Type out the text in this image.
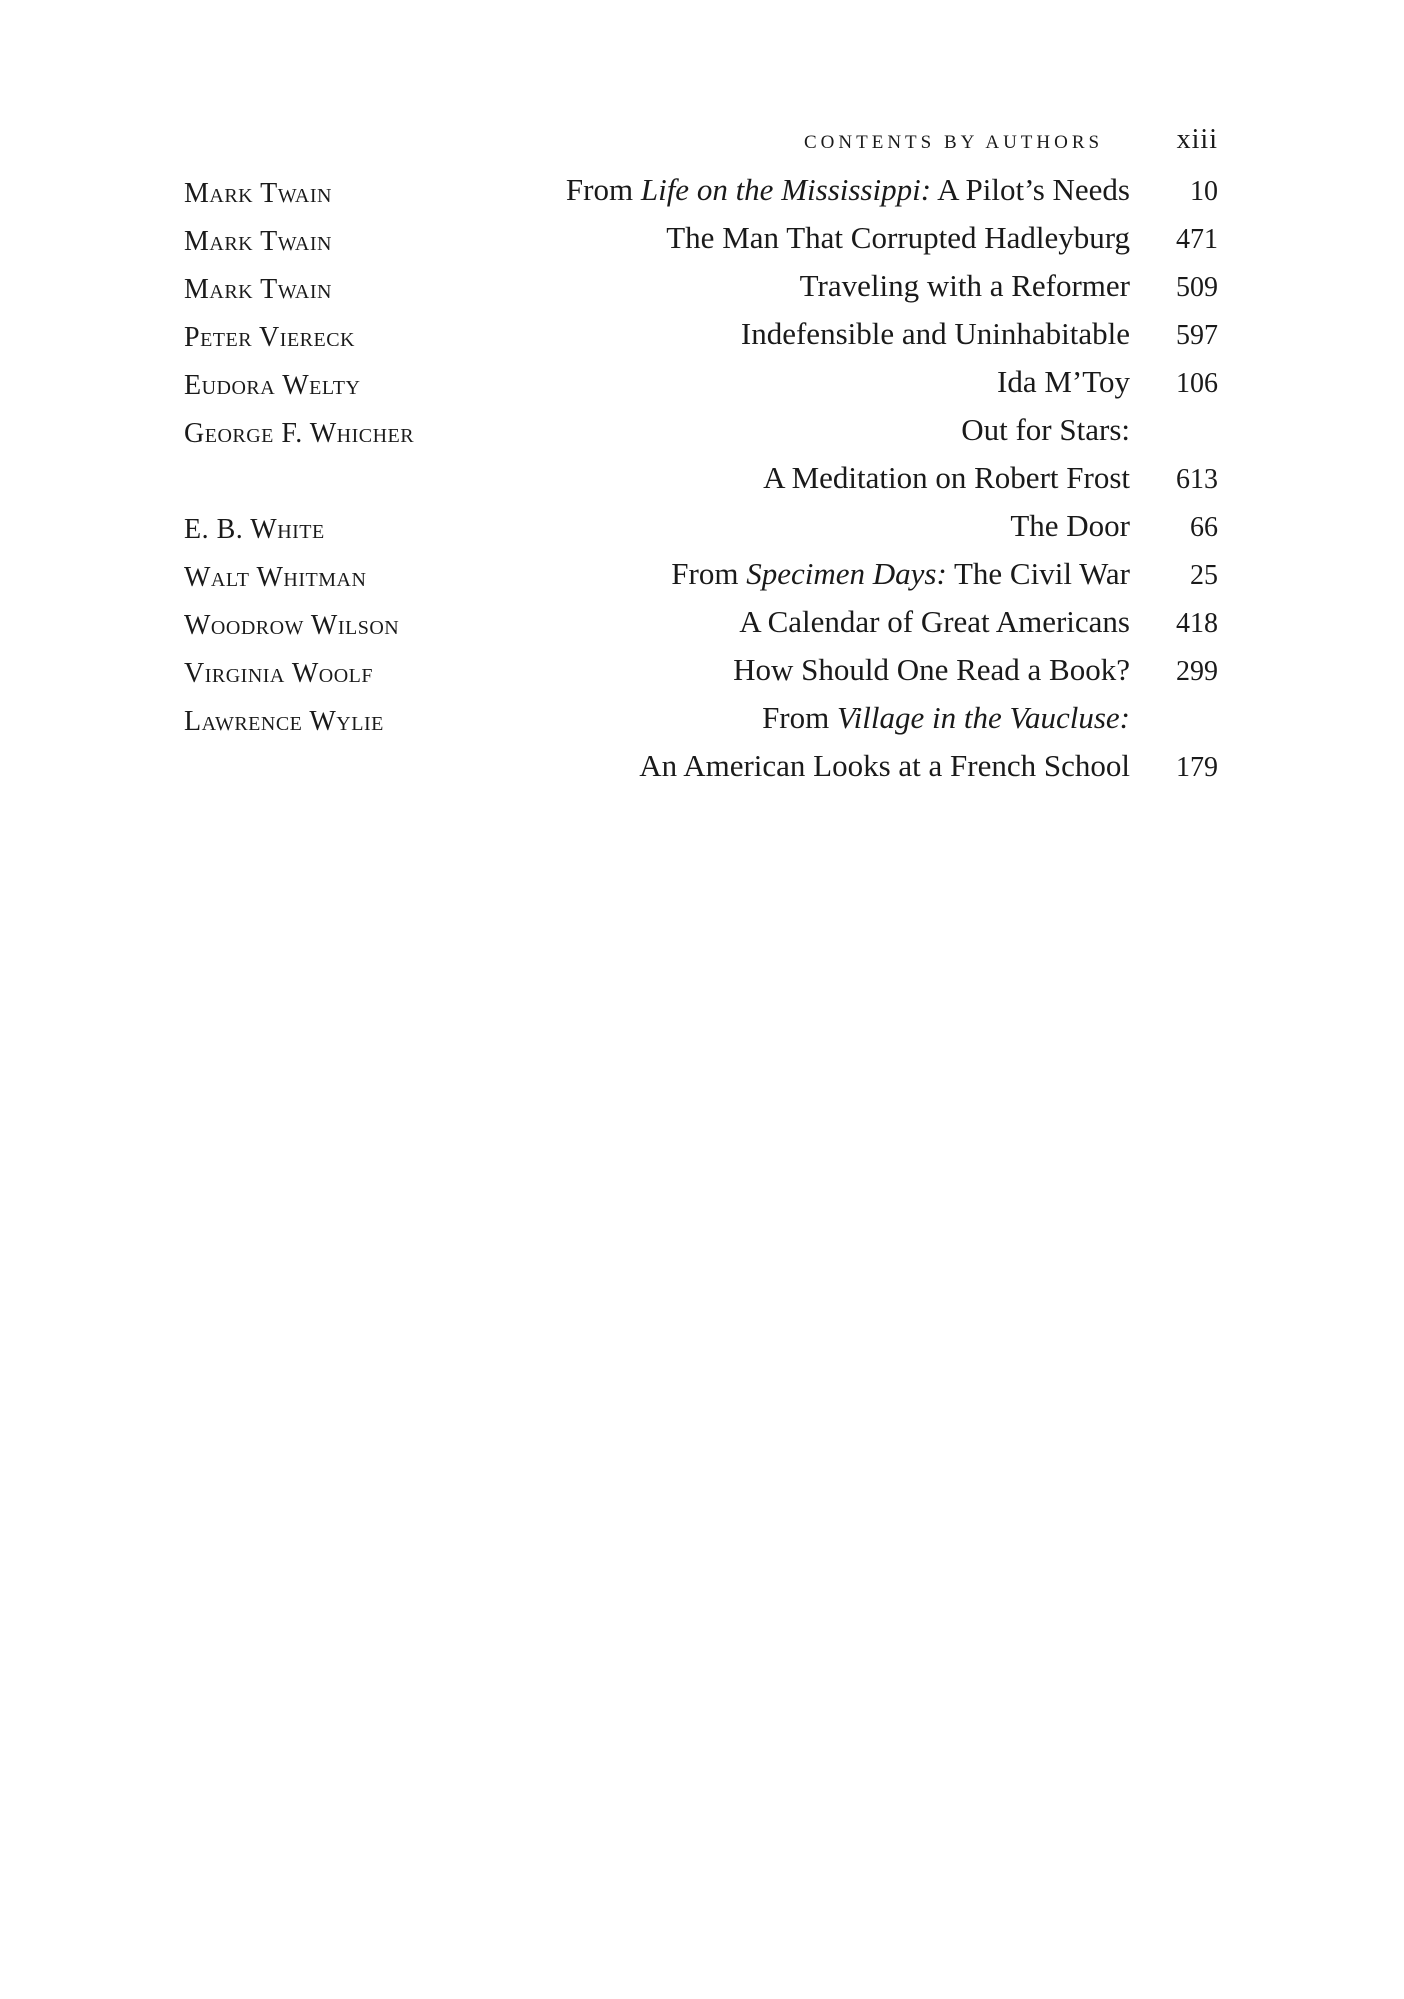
CONTENTS BY AUTHORS	xiii
Mark Twain	From Life on the Mississippi: A Pilot’s Needs 10
Mark Twain	The Man That Corrupted Hadleyburg 471
Mark Twain	Traveling with a Reformer 509
Peter Viereck	Indefensible and Uninhabitable 597
Eudora Welty	Ida M’Toy 106
George F. Whicher	Out for Stars:
A Meditation on Robert Frost 613
E. B. White	The Door 66
Walt Whitman	From Specimen Days: The Civil War 25
Woodrow Wilson	A Calendar of Great Americans 418
Virginia Woolf	How Should One Read a Book? 299
Lawrence Wylie	From Village in the Vaucluse:
An American Looks at a French School 179
